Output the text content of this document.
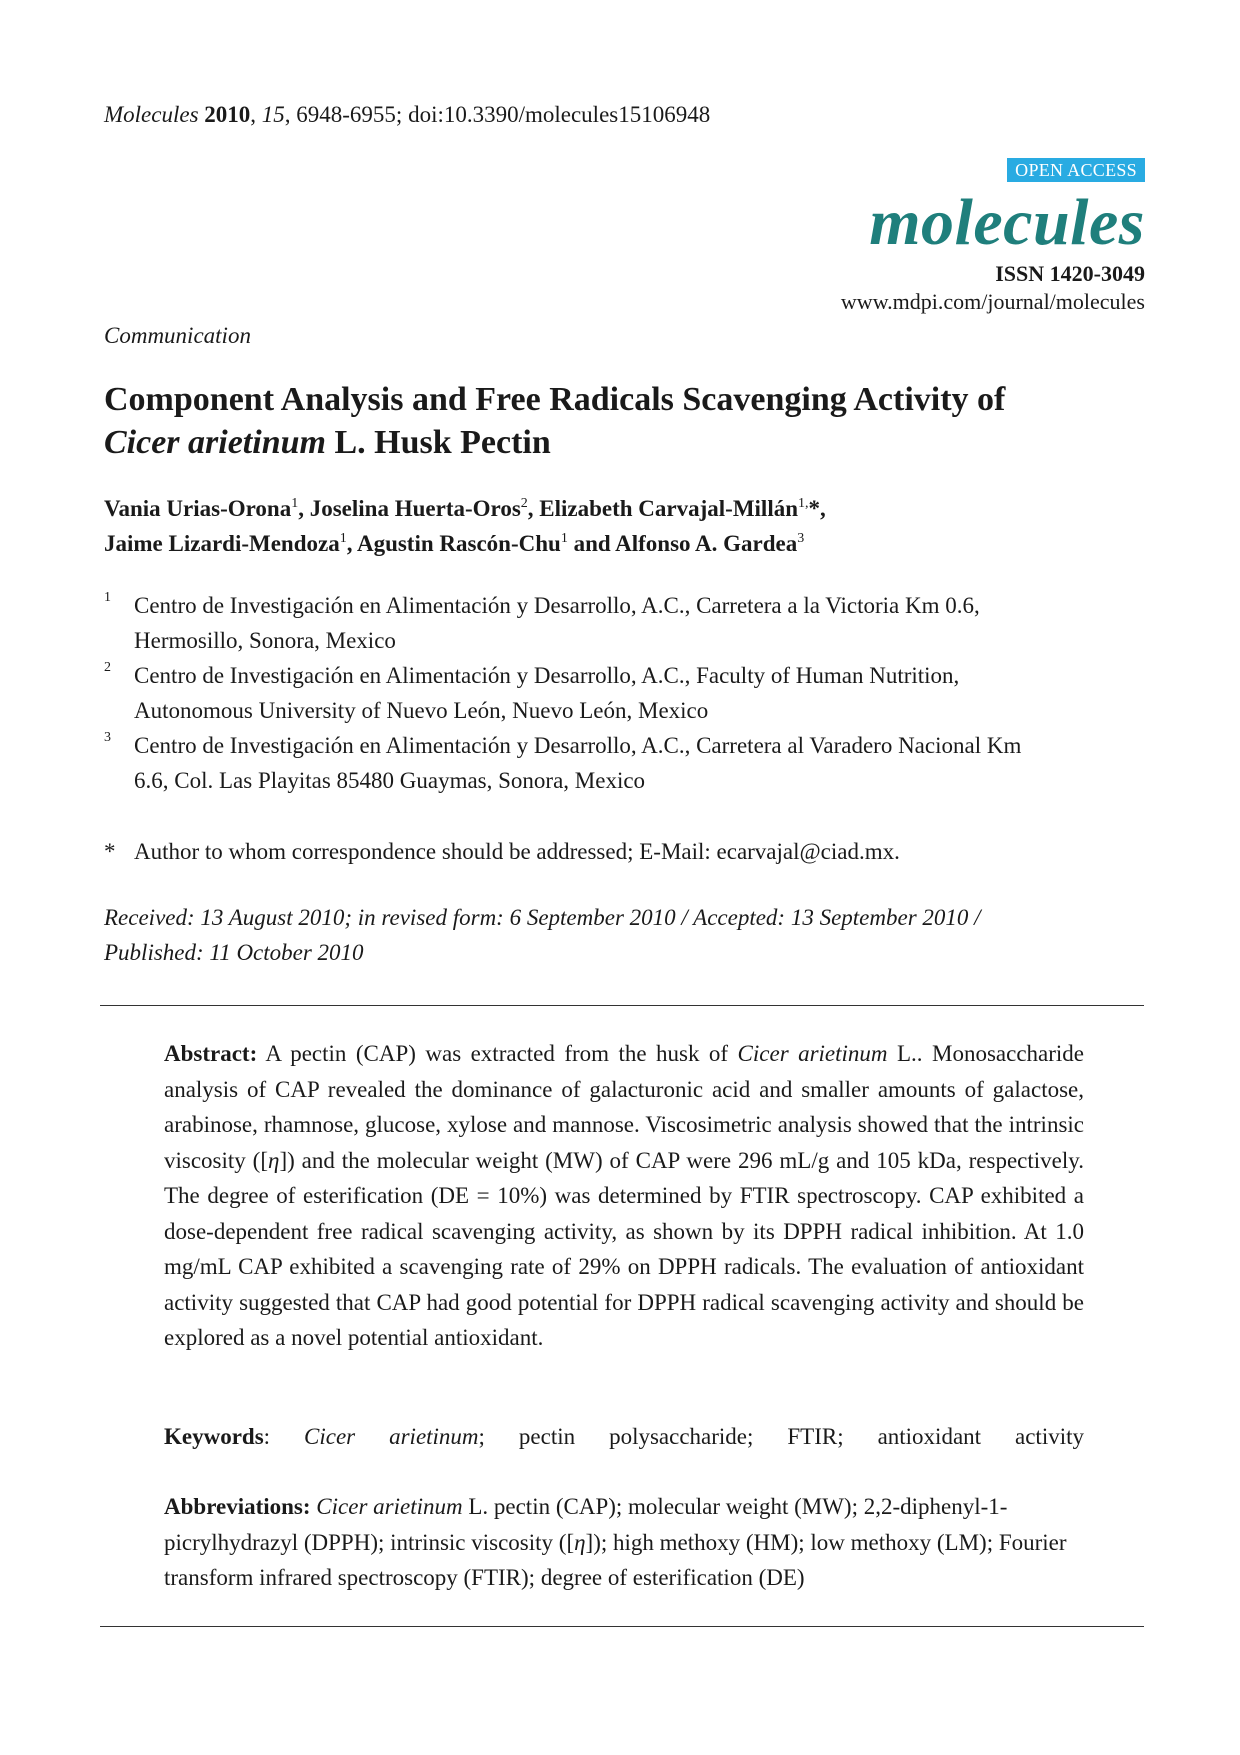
Molecules 2010, 15, 6948-6955; doi:10.3390/molecules15106948
OPEN ACCESS
molecules
ISSN 1420-3049
www.mdpi.com/journal/molecules
Communication
Component Analysis and Free Radicals Scavenging Activity of
Cicer arietinum L. Husk Pectin
Vania Urias-Orona$^1$, Joselina Huerta-Oros$^2$, Elizabeth Carvajal-Millán$^{1,}$*,
Jaime Lizardi-Mendoza$^1$, Agustin Rascón-Chu$^1$ and Alfonso A. Gardea$^3$
1 Centro de Investigación en Alimentación y Desarrollo, A.C., Carretera a la Victoria Km 0.6,
Hermosillo, Sonora, Mexico
2 Centro de Investigación en Alimentación y Desarrollo, A.C., Faculty of Human Nutrition,
Autonomous University of Nuevo León, Nuevo León, Mexico
3 Centro de Investigación en Alimentación y Desarrollo, A.C., Carretera al Varadero Nacional Km
6.6, Col. Las Playitas 85480 Guaymas, Sonora, Mexico
* Author to whom correspondence should be addressed; E-Mail: ecarvajal@ciad.mx.
Received: 13 August 2010; in revised form: 6 September 2010 / Accepted: 13 September 2010 /
Published: 11 October 2010
Abstract: A pectin (CAP) was extracted from the husk of Cicer arietinum L.. Monosaccharide analysis of CAP revealed the dominance of galacturonic acid and smaller amounts of galactose, arabinose, rhamnose, glucose, xylose and mannose. Viscosimetric analysis showed that the intrinsic viscosity ([η]) and the molecular weight (MW) of CAP were 296 mL/g and 105 kDa, respectively. The degree of esterification (DE = 10%) was determined by FTIR spectroscopy. CAP exhibited a dose-dependent free radical scavenging activity, as shown by its DPPH radical inhibition. At 1.0 mg/mL CAP exhibited a scavenging rate of 29% on DPPH radicals. The evaluation of antioxidant activity suggested that CAP had good potential for DPPH radical scavenging activity and should be explored as a novel potential antioxidant.
Keywords: Cicer arietinum; pectin polysaccharide; FTIR; antioxidant activity
Abbreviations: Cicer arietinum L. pectin (CAP); molecular weight (MW); 2,2-diphenyl-1-picrylhydrazyl (DPPH); intrinsic viscosity ([η]); high methoxy (HM); low methoxy (LM); Fourier transform infrared spectroscopy (FTIR); degree of esterification (DE)
